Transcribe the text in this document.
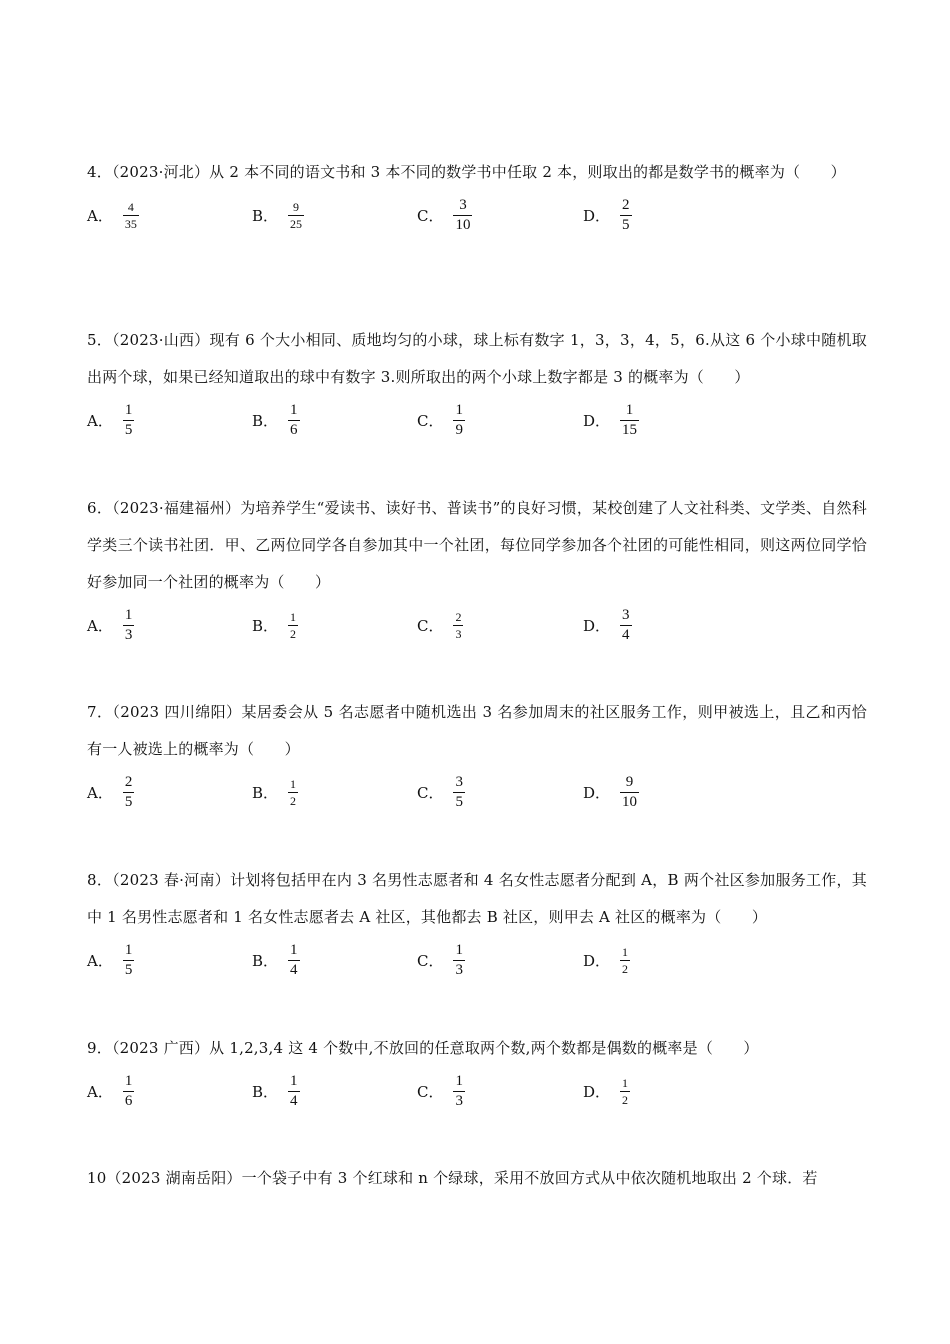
4．（2023·河北）从 2 本不同的语文书和 3 本不同的数学书中任取 2 本，则取出的都是数学书的概率为（　　）

A． $\frac{4}{35}$	B． $\frac{9}{25}$	C． $\frac{3}{10}$	D． $\frac{2}{5}$

5．（2023·山西）现有 6 个大小相同、质地均匀的小球，球上标有数字 1，3，3，4，5，6.从这 6 个小球中随机取出两个球，如果已经知道取出的球中有数字 3.则所取出的两个小球上数字都是 3 的概率为（　　）

A． $\frac{1}{5}$	B． $\frac{1}{6}$	C． $\frac{1}{9}$	D． $\frac{1}{15}$

6．（2023·福建福州）为培养学生“爱读书、读好书、普读书”的良好习惯，某校创建了人文社科类、文学类、自然科学类三个读书社团．甲、乙两位同学各自参加其中一个社团，每位同学参加各个社团的可能性相同，则这两位同学恰好参加同一个社团的概率为（　　）

A． $\frac{1}{3}$	B． $\frac{1}{2}$	C． $\frac{2}{3}$	D． $\frac{3}{4}$

7．（2023 四川绵阳）某居委会从 5 名志愿者中随机选出 3 名参加周末的社区服务工作，则甲被选上，且乙和丙恰有一人被选上的概率为（　　）

A． $\frac{2}{5}$	B． $\frac{1}{2}$	C． $\frac{3}{5}$	D． $\frac{9}{10}$

8．（2023 春·河南）计划将包括甲在内 3 名男性志愿者和 4 名女性志愿者分配到 A，B 两个社区参加服务工作，其中 1 名男性志愿者和 1 名女性志愿者去 A 社区，其他都去 B 社区，则甲去 A 社区的概率为（　　）

A． $\frac{1}{5}$	B． $\frac{1}{4}$	C． $\frac{1}{3}$	D． $\frac{1}{2}$

9．（2023 广西）从 1,2,3,4 这 4 个数中,不放回的任意取两个数,两个数都是偶数的概率是（　　）

A． $\frac{1}{6}$	B． $\frac{1}{4}$	C． $\frac{1}{3}$	D． $\frac{1}{2}$

10（2023 湖南岳阳）一个袋子中有 3 个红球和 n 个绿球，采用不放回方式从中依次随机地取出 2 个球．若
